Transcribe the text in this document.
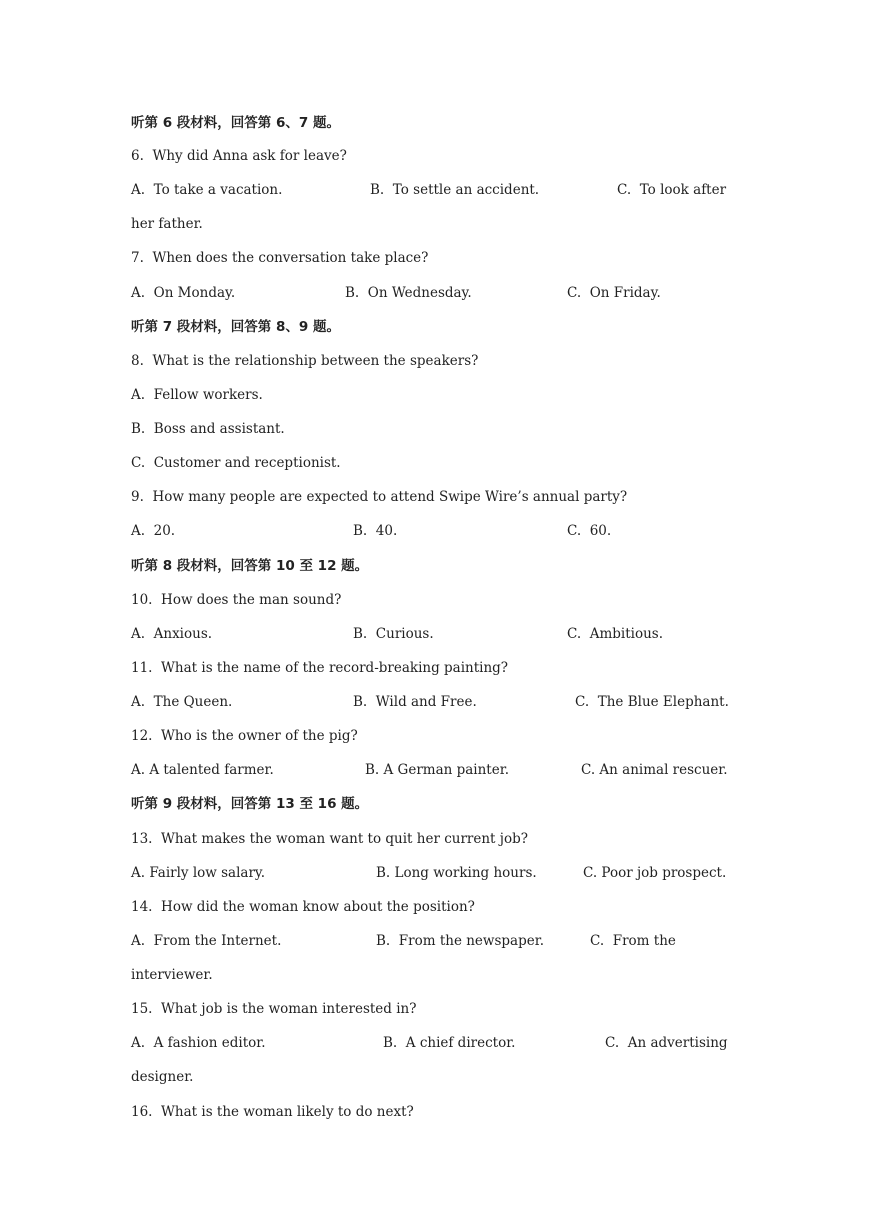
听第 6 段材料，回答第 6、7 题。
6.  Why did Anna ask for leave?
A.  To take a vacation.	B.  To settle an accident.	C.  To look after
her father.
7.  When does the conversation take place?
A.  On Monday.	B.  On Wednesday.	C.  On Friday.
听第 7 段材料，回答第 8、9 题。
8.  What is the relationship between the speakers?
A.  Fellow workers.
B.  Boss and assistant.
C.  Customer and receptionist.
9.  How many people are expected to attend Swipe Wire’s annual party?
A.  20.	B.  40.	C.  60.
听第 8 段材料，回答第 10 至 12 题。
10.  How does the man sound?
A.  Anxious.	B.  Curious.	C.  Ambitious.
11.  What is the name of the record-breaking painting?
A.  The Queen.	B.  Wild and Free.	C.  The Blue Elephant.
12.  Who is the owner of the pig?
A. A talented farmer.	B. A German painter.	C. An animal rescuer.
听第 9 段材料，回答第 13 至 16 题。
13.  What makes the woman want to quit her current job?
A. Fairly low salary.	B. Long working hours.	C. Poor job prospect.
14.  How did the woman know about the position?
A.  From the Internet.	B.  From the newspaper.	C.  From the
interviewer.
15.  What job is the woman interested in?
A.  A fashion editor.	B.  A chief director.	C.  An advertising
designer.
16.  What is the woman likely to do next?
